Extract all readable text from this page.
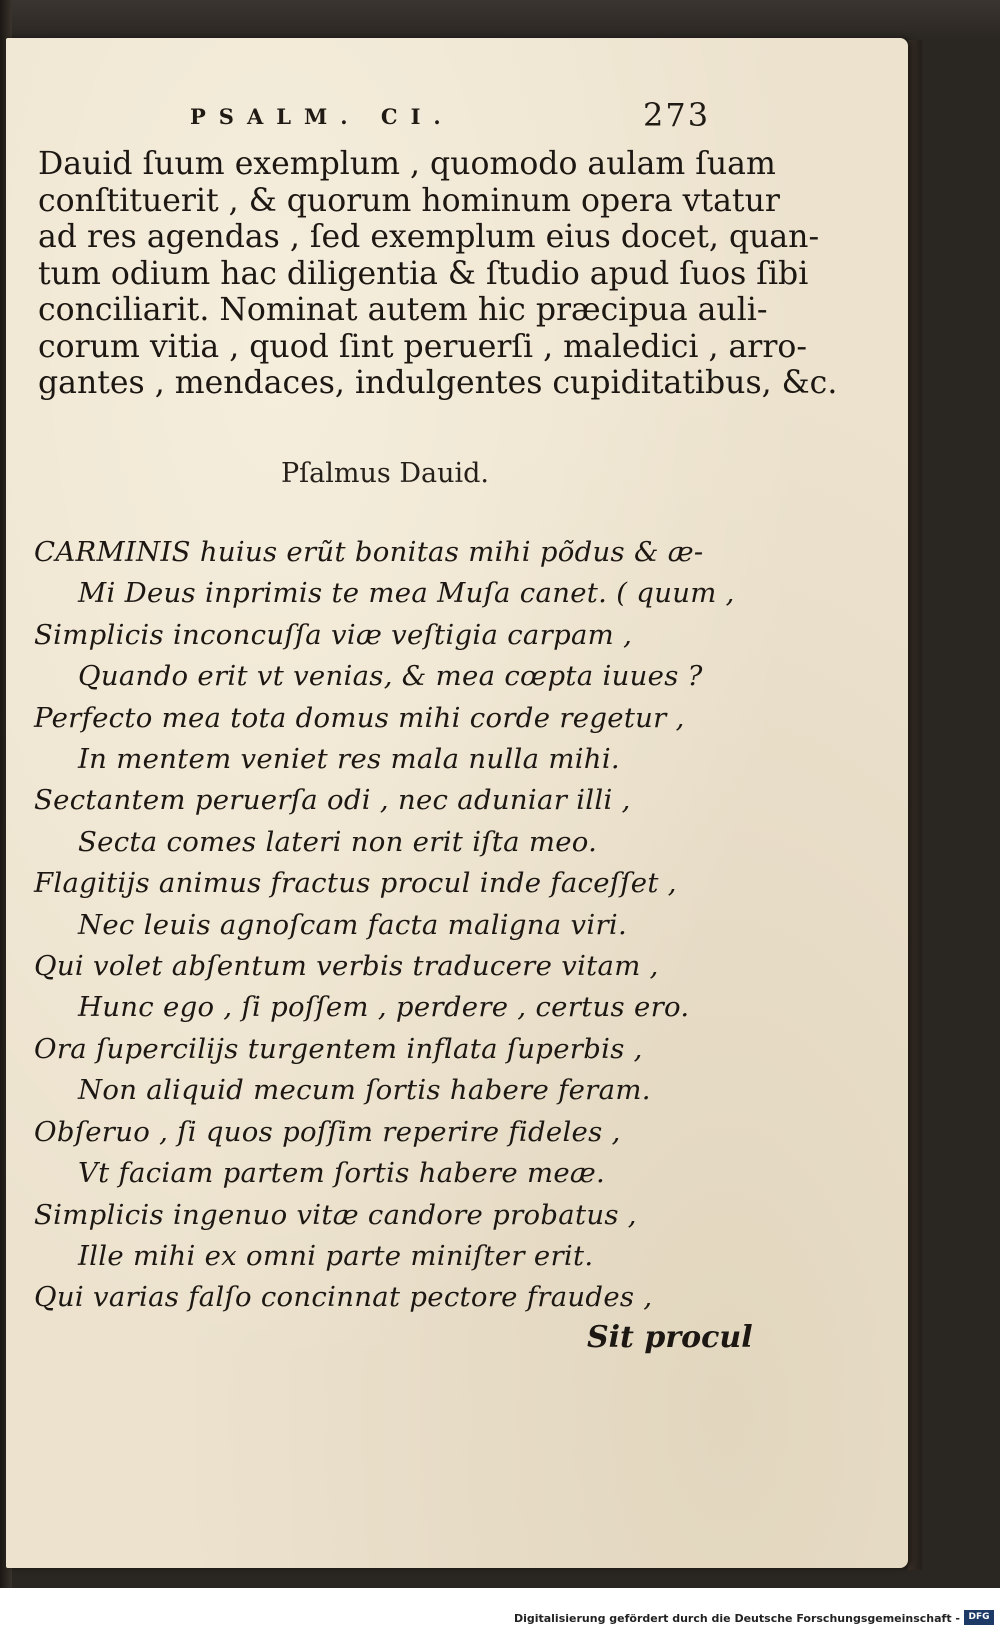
PSALM. CI.	273
Dauid ſuum exemplum , quomodo aulam ſuam
conſtituerit , & quorum hominum opera vtatur
ad res agendas , ſed exemplum eius docet, quan-
tum odium hac diligentia & ſtudio apud ſuos ſibi
conciliarit. Nominat autem hic præcipua auli-
corum vitia , quod ſint peruerſi , maledici , arro-
gantes , mendaces, indulgentes cupiditatibus, &c.
Pſalmus Dauid.
CARMINIS huius erũt bonitas mihi põdus & æ-
Mi Deus inprimis te mea Muſa canet. ( quum ,
Simplicis inconcuſſa viæ veſtigia carpam ,
Quando erit vt venias, & mea cœpta iuues ?
Perfecto mea tota domus mihi corde regetur ,
In mentem veniet res mala nulla mihi.
Sectantem peruerſa odi , nec aduniar illi ,
Secta comes lateri non erit iſta meo.
Flagitijs animus fractus procul inde faceſſet ,
Nec leuis agnoſcam facta maligna viri.
Qui volet abſentum verbis traducere vitam ,
Hunc ego , ſi poſſem , perdere , certus ero.
Ora ſupercilijs turgentem inflata ſuperbis ,
Non aliquid mecum ſortis habere feram.
Obſeruo , ſi quos poſſim reperire fideles ,
Vt faciam partem ſortis habere meæ.
Simplicis ingenuo vitæ candore probatus ,
Ille mihi ex omni parte miniſter erit.
Qui varias falſo concinnat pectore fraudes ,
Sit procul
Digitalisierung gefördert durch die Deutsche Forschungsgemeinschaft - DFG
